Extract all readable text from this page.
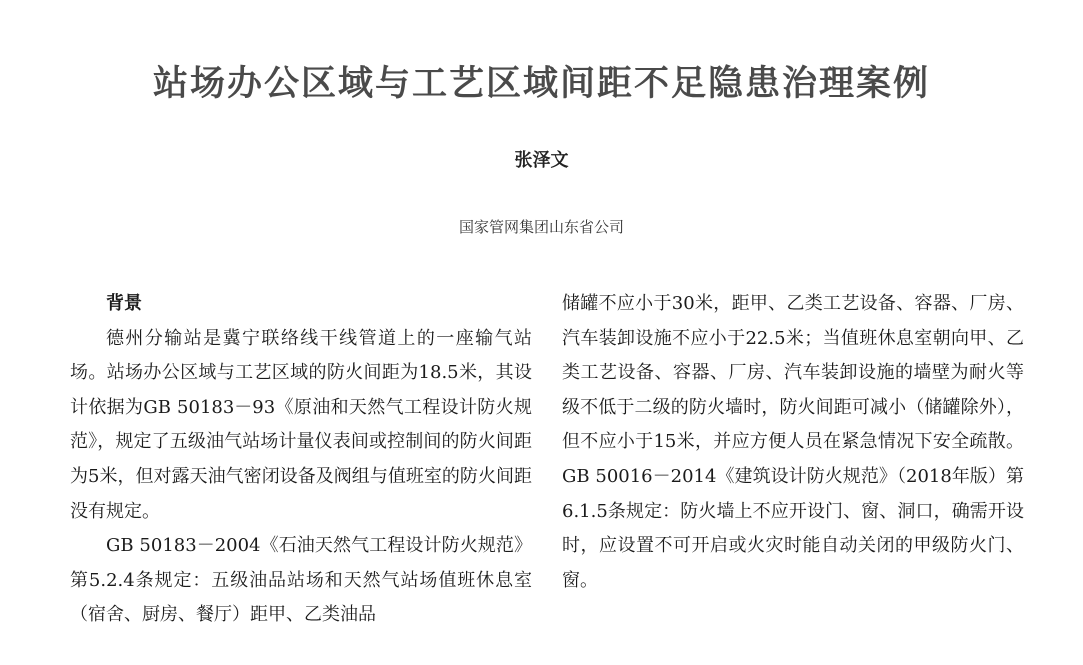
站场办公区域与工艺区域间距不足隐患治理案例
张泽文
国家管网集团山东省公司
背景

德州分输站是冀宁联络线干线管道上的一座输气站场。站场办公区域与工艺区域的防火间距为18.5米，其设计依据为GB 50183－93《原油和天然气工程设计防火规范》，规定了五级油气站场计量仪表间或控制间的防火间距为5米，但对露天油气密闭设备及阀组与值班室的防火间距没有规定。

GB 50183－2004《石油天然气工程设计防火规范》第5.2.4条规定：五级油品站场和天然气站场值班休息室（宿舍、厨房、餐厅）距甲、乙类油品

储罐不应小于30米，距甲、乙类工艺设备、容器、厂房、汽车装卸设施不应小于22.5米；当值班休息室朝向甲、乙类工艺设备、容器、厂房、汽车装卸设施的墙壁为耐火等级不低于二级的防火墙时，防火间距可减小（储罐除外），但不应小于15米，并应方便人员在紧急情况下安全疏散。GB 50016－2014《建筑设计防火规范》（2018年版）第6.1.5条规定：防火墙上不应开设门、窗、洞口，确需开设时，应设置不可开启或火灾时能自动关闭的甲级防火门、窗。
